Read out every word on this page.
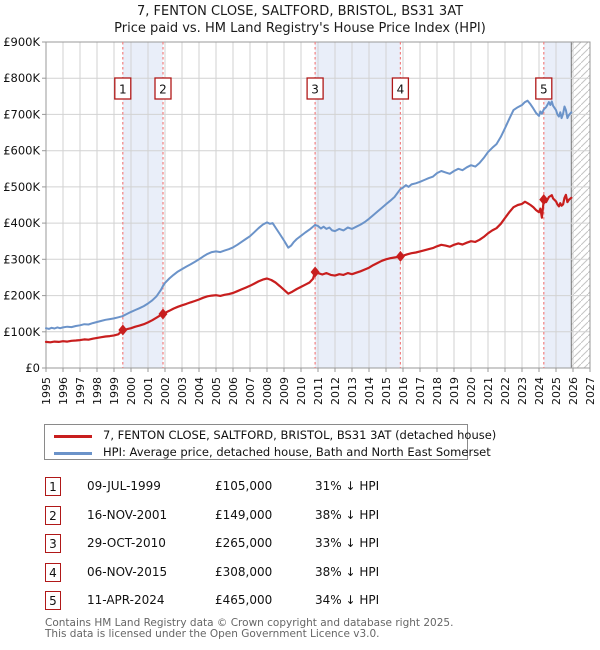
7, FENTON CLOSE, SALTFORD, BRISTOL, BS31 3AT
Price paid vs. HM Land Registry's House Price Index (HPI)
1	2	3	4	5
£0
£100K
£200K
£300K
£400K
£500K
£600K
£700K
£800K
£900K
1995 1996 1997 1998 1999 2000 2001 2002 2003 2004 2005 2006 2007 2008 2009 2010 2011 2012 2013 2014 2015 2016 2017 2018 2019 2020 2021 2022 2023 2024 2025 2026 2027
7, FENTON CLOSE, SALTFORD, BRISTOL, BS31 3AT (detached house)
HPI: Average price, detached house, Bath and North East Somerset
1	09-JUL-1999	£105,000	31% ↓ HPI
2	16-NOV-2001	£149,000	38% ↓ HPI
3	29-OCT-2010	£265,000	33% ↓ HPI
4	06-NOV-2015	£308,000	38% ↓ HPI
5	11-APR-2024	£465,000	34% ↓ HPI
Contains HM Land Registry data © Crown copyright and database right 2025.
This data is licensed under the Open Government Licence v3.0.
